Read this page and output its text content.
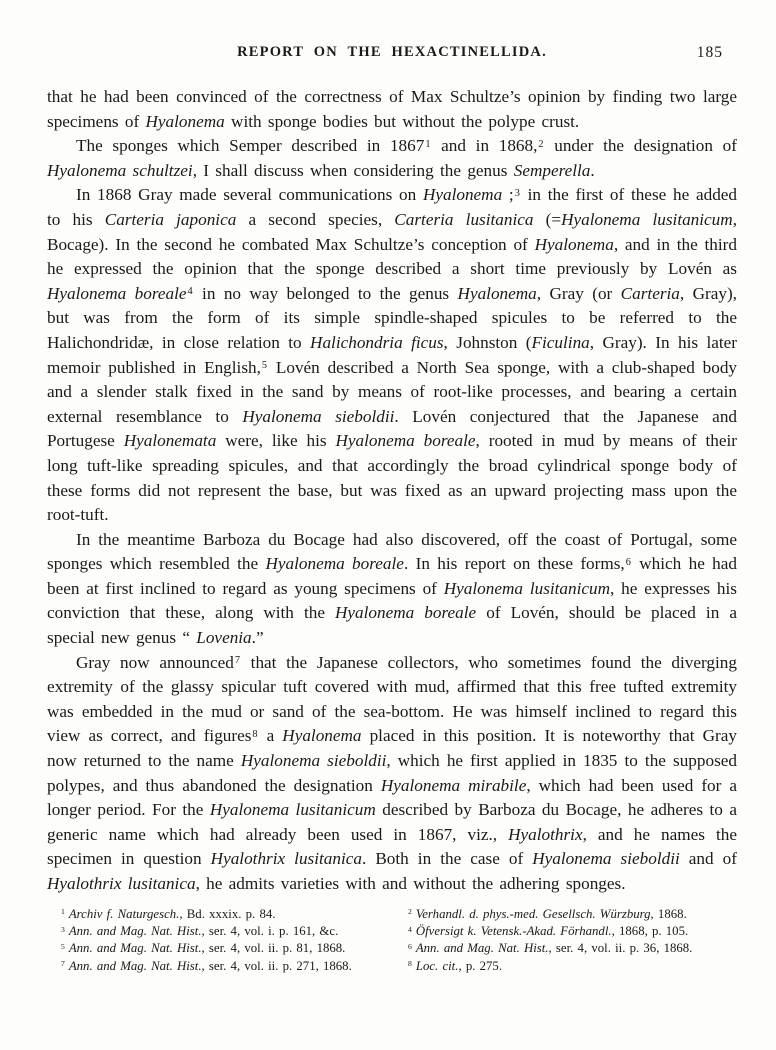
REPORT ON THE HEXACTINELLIDA.	185

that he had been convinced of the correctness of Max Schultze’s opinion by finding two large specimens of Hyalonema with sponge bodies but without the polype crust.

The sponges which Semper described in 1867$^1$ and in 1868,$^2$ under the designation of Hyalonema schultzei, I shall discuss when considering the genus Semperella.

In 1868 Gray made several communications on Hyalonema ;$^3$ in the first of these he added to his Carteria japonica a second species, Carteria lusitanica (=Hyalonema lusitanicum, Bocage). In the second he combated Max Schultze’s conception of Hyalonema, and in the third he expressed the opinion that the sponge described a short time previously by Lovén as Hyalonema boreale$^4$ in no way belonged to the genus Hyalonema, Gray (or Carteria, Gray), but was from the form of its simple spindle-shaped spicules to be referred to the Halichondridæ, in close relation to Halichondria ficus, Johnston (Ficulina, Gray). In his later memoir published in English,$^5$ Lovén described a North Sea sponge, with a club-shaped body and a slender stalk fixed in the sand by means of root-like processes, and bearing a certain external resemblance to Hyalonema sieboldii. Lovén conjectured that the Japanese and Portugese Hyalonemata were, like his Hyalonema boreale, rooted in mud by means of their long tuft-like spreading spicules, and that accordingly the broad cylindrical sponge body of these forms did not represent the base, but was fixed as an upward projecting mass upon the root-tuft.

In the meantime Barboza du Bocage had also discovered, off the coast of Portugal, some sponges which resembled the Hyalonema boreale. In his report on these forms,$^6$ which he had been at first inclined to regard as young specimens of Hyalonema lusitanicum, he expresses his conviction that these, along with the Hyalonema boreale of Lovén, should be placed in a special new genus “ Lovenia.”

Gray now announced$^7$ that the Japanese collectors, who sometimes found the diverging extremity of the glassy spicular tuft covered with mud, affirmed that this free tufted extremity was embedded in the mud or sand of the sea-bottom. He was himself inclined to regard this view as correct, and figures$^8$ a Hyalonema placed in this position. It is noteworthy that Gray now returned to the name Hyalonema sieboldii, which he first applied in 1835 to the supposed polypes, and thus abandoned the designation Hyalonema mirabile, which had been used for a longer period. For the Hyalonema lusitanicum described by Barboza du Bocage, he adheres to a generic name which had already been used in 1867, viz., Hyalothrix, and he names the specimen in question Hyalothrix lusitanica. Both in the case of Hyalonema sieboldii and of Hyalothrix lusitanica, he admits varieties with and without the adhering sponges.

$^1$ Archiv f. Naturgesch., Bd. xxxix. p. 84.
$^3$ Ann. and Mag. Nat. Hist., ser. 4, vol. i. p. 161, &c.
$^5$ Ann. and Mag. Nat. Hist., ser. 4, vol. ii. p. 81, 1868.
$^7$ Ann. and Mag. Nat. Hist., ser. 4, vol. ii. p. 271, 1868.
$^2$ Verhandl. d. phys.-med. Gesellsch. Würzburg, 1868.
$^4$ Öfversigt k. Vetensk.-Akad. Förhandl., 1868, p. 105.
$^6$ Ann. and Mag. Nat. Hist., ser. 4, vol. ii. p. 36, 1868.
$^8$ Loc. cit., p. 275.
